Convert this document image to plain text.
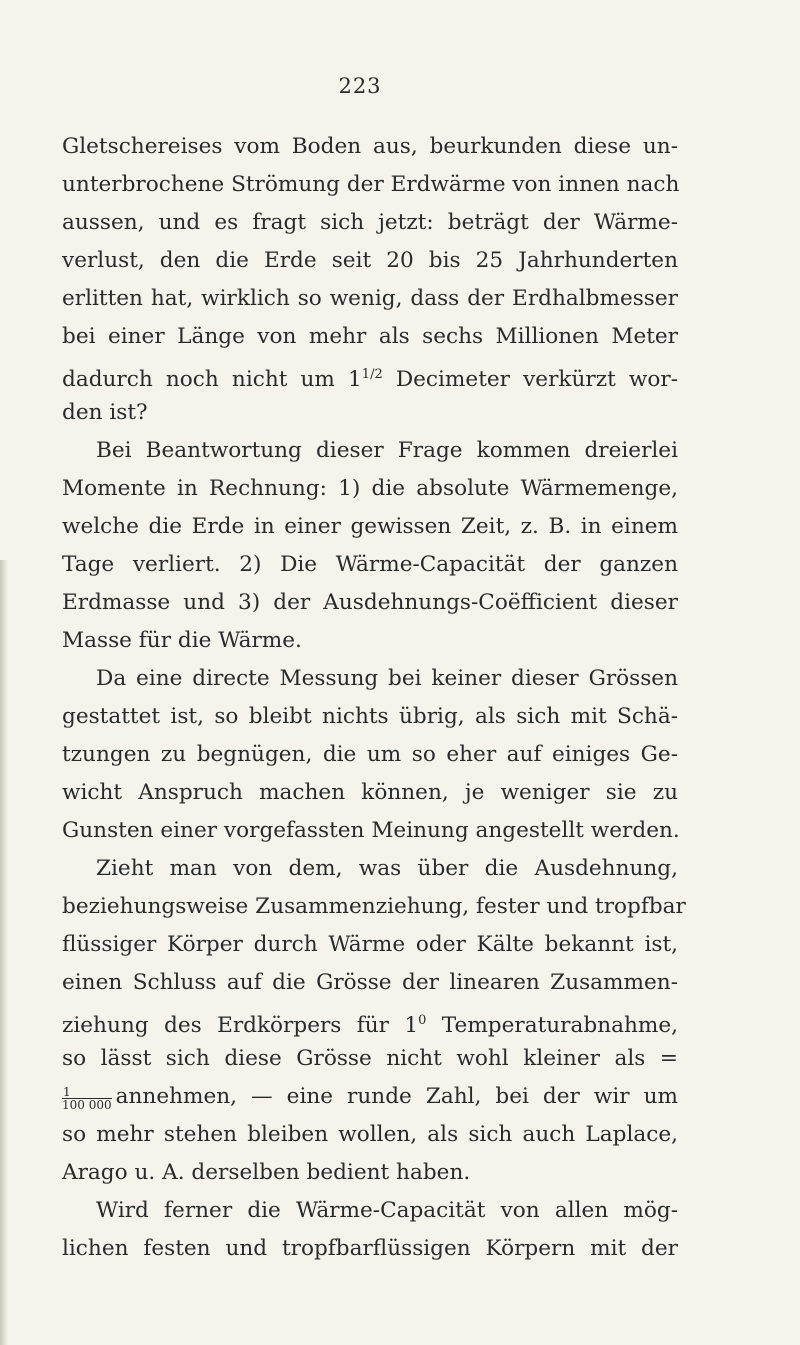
223
Gletschereises vom Boden aus, beurkunden diese un-
unterbrochene Strömung der Erdwärme von innen nach
aussen, und es fragt sich jetzt: beträgt der Wärme-
verlust, den die Erde seit 20 bis 25 Jahrhunderten
erlitten hat, wirklich so wenig, dass der Erdhalbmesser
bei einer Länge von mehr als sechs Millionen Meter
dadurch noch nicht um $1^{1/2}$ Decimeter verkürzt wor-
den ist?
Bei Beantwortung dieser Frage kommen dreierlei
Momente in Rechnung: 1) die absolute Wärmemenge,
welche die Erde in einer gewissen Zeit, z. B. in einem
Tage verliert. 2) Die Wärme-Capacität der ganzen
Erdmasse und 3) der Ausdehnungs-Coëfficient dieser
Masse für die Wärme.
Da eine directe Messung bei keiner dieser Grössen
gestattet ist, so bleibt nichts übrig, als sich mit Schä-
tzungen zu begnügen, die um so eher auf einiges Ge-
wicht Anspruch machen können, je weniger sie zu
Gunsten einer vorgefassten Meinung angestellt werden.
Zieht man von dem, was über die Ausdehnung,
beziehungsweise Zusammenziehung, fester und tropfbar
flüssiger Körper durch Wärme oder Kälte bekannt ist,
einen Schluss auf die Grösse der linearen Zusammen-
ziehung des Erdkörpers für $1^0$ Temperaturabnahme,
so lässt sich diese Grösse nicht wohl kleiner als =
$\frac{1}{100 000}$ annehmen, — eine runde Zahl, bei der wir um
so mehr stehen bleiben wollen, als sich auch Laplace,
Arago u. A. derselben bedient haben.
Wird ferner die Wärme-Capacität von allen mög-
lichen festen und tropfbarflüssigen Körpern mit der
